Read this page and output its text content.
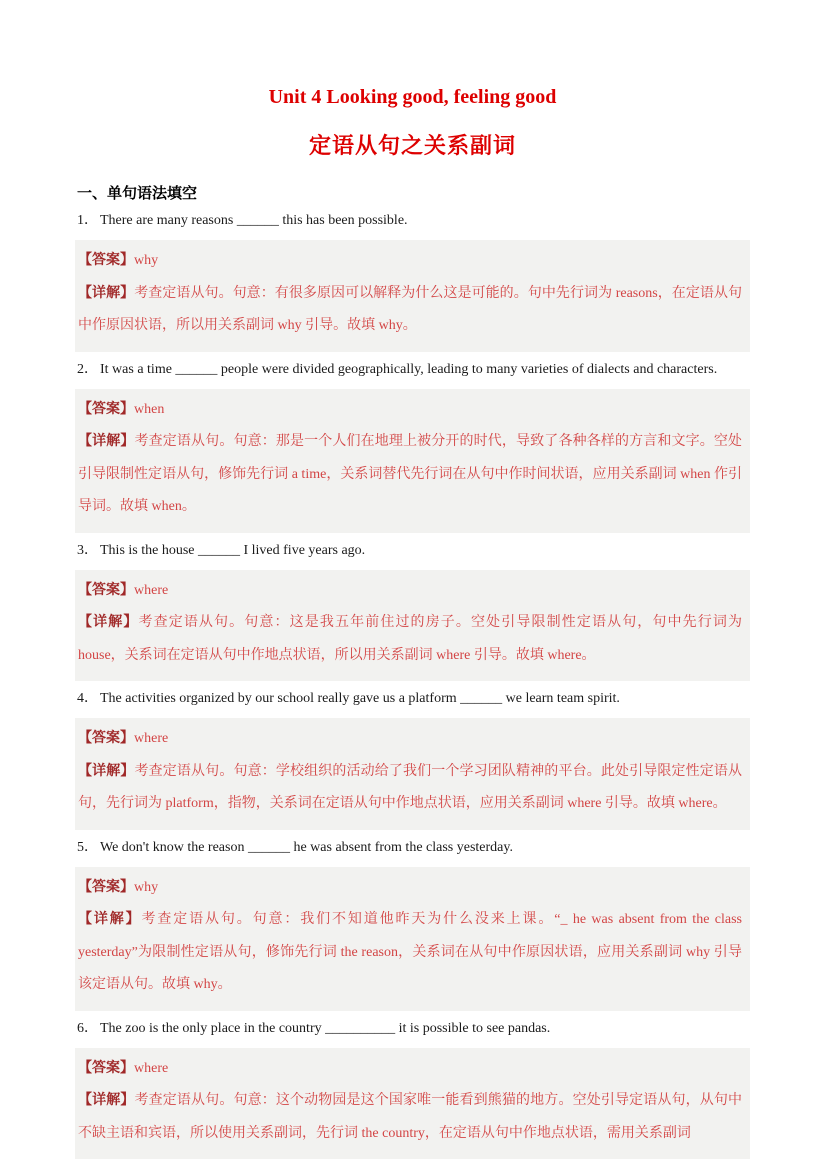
Unit 4 Looking good, feeling good
定语从句之关系副词
一、单句语法填空

1． There are many reasons ______ this has been possible.

【答案】why

【详解】考查定语从句。句意：有很多原因可以解释为什么这是可能的。句中先行词为 reasons，在定语从句中作原因状语，所以用关系副词 why 引导。故填 why。

2． It was a time ______ people were divided geographically, leading to many varieties of dialects and characters.

【答案】when

【详解】考查定语从句。句意：那是一个人们在地理上被分开的时代，导致了各种各样的方言和文字。空处引导限制性定语从句，修饰先行词 a time，关系词替代先行词在从句中作时间状语，应用关系副词 when 作引导词。故填 when。

3． This is the house ______ I lived five years ago.

【答案】where

【详解】考查定语从句。句意：这是我五年前住过的房子。空处引导限制性定语从句，句中先行词为 house，关系词在定语从句中作地点状语，所以用关系副词 where 引导。故填 where。

4． The activities organized by our school really gave us a platform ______ we learn team spirit.

【答案】where

【详解】考查定语从句。句意：学校组织的活动给了我们一个学习团队精神的平台。此处引导限定性定语从句，先行词为 platform，指物，关系词在定语从句中作地点状语，应用关系副词 where 引导。故填 where。

5． We don't know the reason ______ he was absent from the class yesterday.

【答案】why

【详解】考查定语从句。句意：我们不知道他昨天为什么没来上课。“_ he was absent from the class yesterday”为限制性定语从句，修饰先行词 the reason，关系词在从句中作原因状语，应用关系副词 why 引导该定语从句。故填 why。

6． The zoo is the only place in the country __________ it is possible to see pandas.

【答案】where

【详解】考查定语从句。句意：这个动物园是这个国家唯一能看到熊猫的地方。空处引导定语从句，从句中不缺主语和宾语，所以使用关系副词，先行词 the country，在定语从句中作地点状语，需用关系副词
